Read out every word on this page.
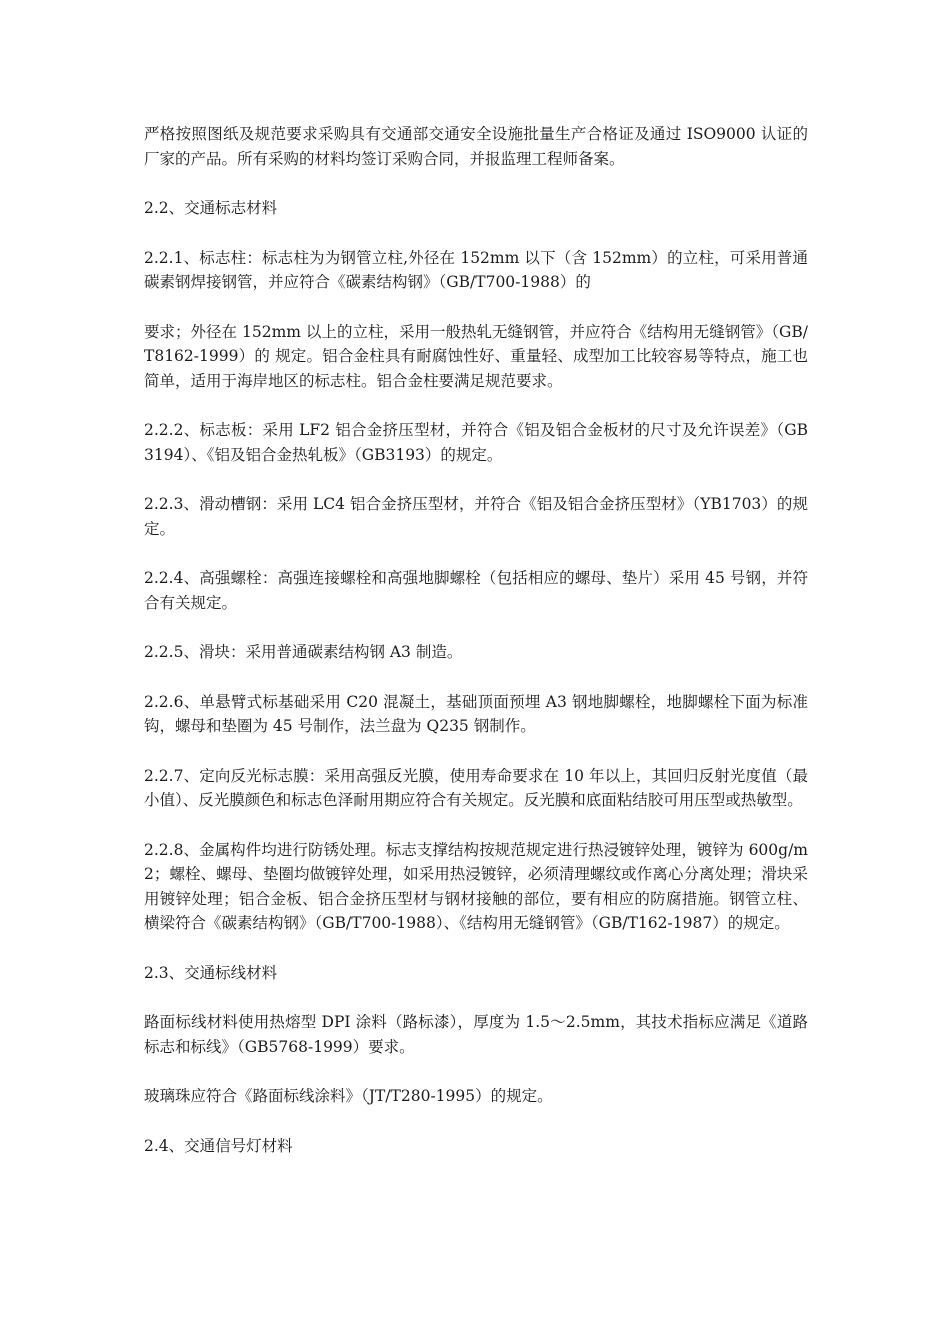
严格按照图纸及规范要求采购具有交通部交通安全设施批量生产合格证及通过 ISO9000 认证的厂家的产品。所有采购的材料均签订采购合同，并报监理工程师备案。

2.2、交通标志材料

2.2.1、标志柱：标志柱为为钢管立柱,外径在 152mm 以下（含 152mm）的立柱，可采用普通碳素钢焊接钢管，并应符合《碳素结构钢》（GB/T700-1988）的

要求；外径在 152mm 以上的立柱，采用一般热轧无缝钢管，并应符合《结构用无缝钢管》（GB/T8162-1999）的 规定。铝合金柱具有耐腐蚀性好、重量轻、成型加工比较容易等特点，施工也简单，适用于海岸地区的标志柱。铝合金柱要满足规范要求。

2.2.2、标志板：采用 LF2 铝合金挤压型材，并符合《铝及铝合金板材的尺寸及允许误差》（GB3194）、《铝及铝合金热轧板》（GB3193）的规定。

2.2.3、滑动槽钢：采用 LC4 铝合金挤压型材，并符合《铝及铝合金挤压型材》（YB1703）的规定。

2.2.4、高强螺栓：高强连接螺栓和高强地脚螺栓（包括相应的螺母、垫片）采用 45 号钢，并符合有关规定。

2.2.5、滑块：采用普通碳素结构钢 A3 制造。

2.2.6、单悬臂式标基础采用 C20 混凝土，基础顶面预埋 A3 钢地脚螺栓，地脚螺栓下面为标准钩，螺母和垫圈为 45 号制作，法兰盘为 Q235 钢制作。

2.2.7、定向反光标志膜：采用高强反光膜，使用寿命要求在 10 年以上，其回归反射光度值（最小值）、反光膜颜色和标志色泽耐用期应符合有关规定。反光膜和底面粘结胶可用压型或热敏型。

2.2.8、金属构件均进行防锈处理。标志支撑结构按规范规定进行热浸镀锌处理，镀锌为 600g/m2；螺栓、螺母、垫圈均做镀锌处理，如采用热浸镀锌，必须清理螺纹或作离心分离处理；滑块采用镀锌处理；铝合金板、铝合金挤压型材与钢材接触的部位，要有相应的防腐措施。钢管立柱、横梁符合《碳素结构钢》（GB/T700-1988）、《结构用无缝钢管》（GB/T162-1987）的规定。

2.3、交通标线材料

路面标线材料使用热熔型 DPI 涂料（路标漆），厚度为 1.5～2.5mm，其技术指标应满足《道路标志和标线》（GB5768-1999）要求。

玻璃珠应符合《路面标线涂料》（JT/T280-1995）的规定。

2.4、交通信号灯材料
